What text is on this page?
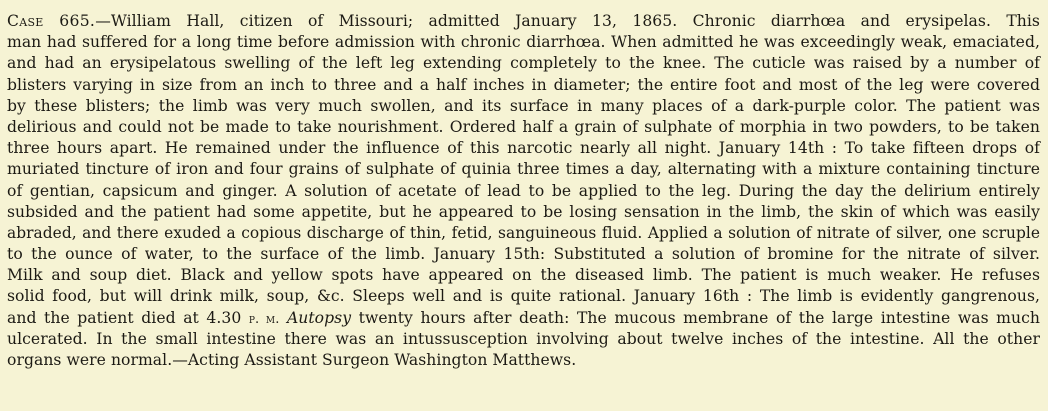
Case 665.—William Hall, citizen of Missouri; admitted January 13, 1865. Chronic diarrhœa and erysipelas. This
man had suffered for a long time before admission with chronic diarrhœa. When admitted he was exceedingly weak, emaciated,
and had an erysipelatous swelling of the left leg extending completely to the knee. The cuticle was raised by a number of
blisters varying in size from an inch to three and a half inches in diameter; the entire foot and most of the leg were covered
by these blisters; the limb was very much swollen, and its surface in many places of a dark-purple color. The patient was
delirious and could not be made to take nourishment. Ordered half a grain of sulphate of morphia in two powders, to be taken
three hours apart. He remained under the influence of this narcotic nearly all night. January 14th : To take fifteen drops of
muriated tincture of iron and four grains of sulphate of quinia three times a day, alternating with a mixture containing tincture
of gentian, capsicum and ginger. A solution of acetate of lead to be applied to the leg. During the day the delirium entirely
subsided and the patient had some appetite, but he appeared to be losing sensation in the limb, the skin of which was easily
abraded, and there exuded a copious discharge of thin, fetid, sanguineous fluid. Applied a solution of nitrate of silver, one scruple
to the ounce of water, to the surface of the limb. January 15th: Substituted a solution of bromine for the nitrate of silver.
Milk and soup diet. Black and yellow spots have appeared on the diseased limb. The patient is much weaker. He refuses
solid food, but will drink milk, soup, &c. Sleeps well and is quite rational. January 16th : The limb is evidently gangrenous,
and the patient died at 4.30 p. m. Autopsy twenty hours after death: The mucous membrane of the large intestine was much
ulcerated. In the small intestine there was an intussusception involving about twelve inches of the intestine. All the other
organs were normal.—Acting Assistant Surgeon Washington Matthews.
